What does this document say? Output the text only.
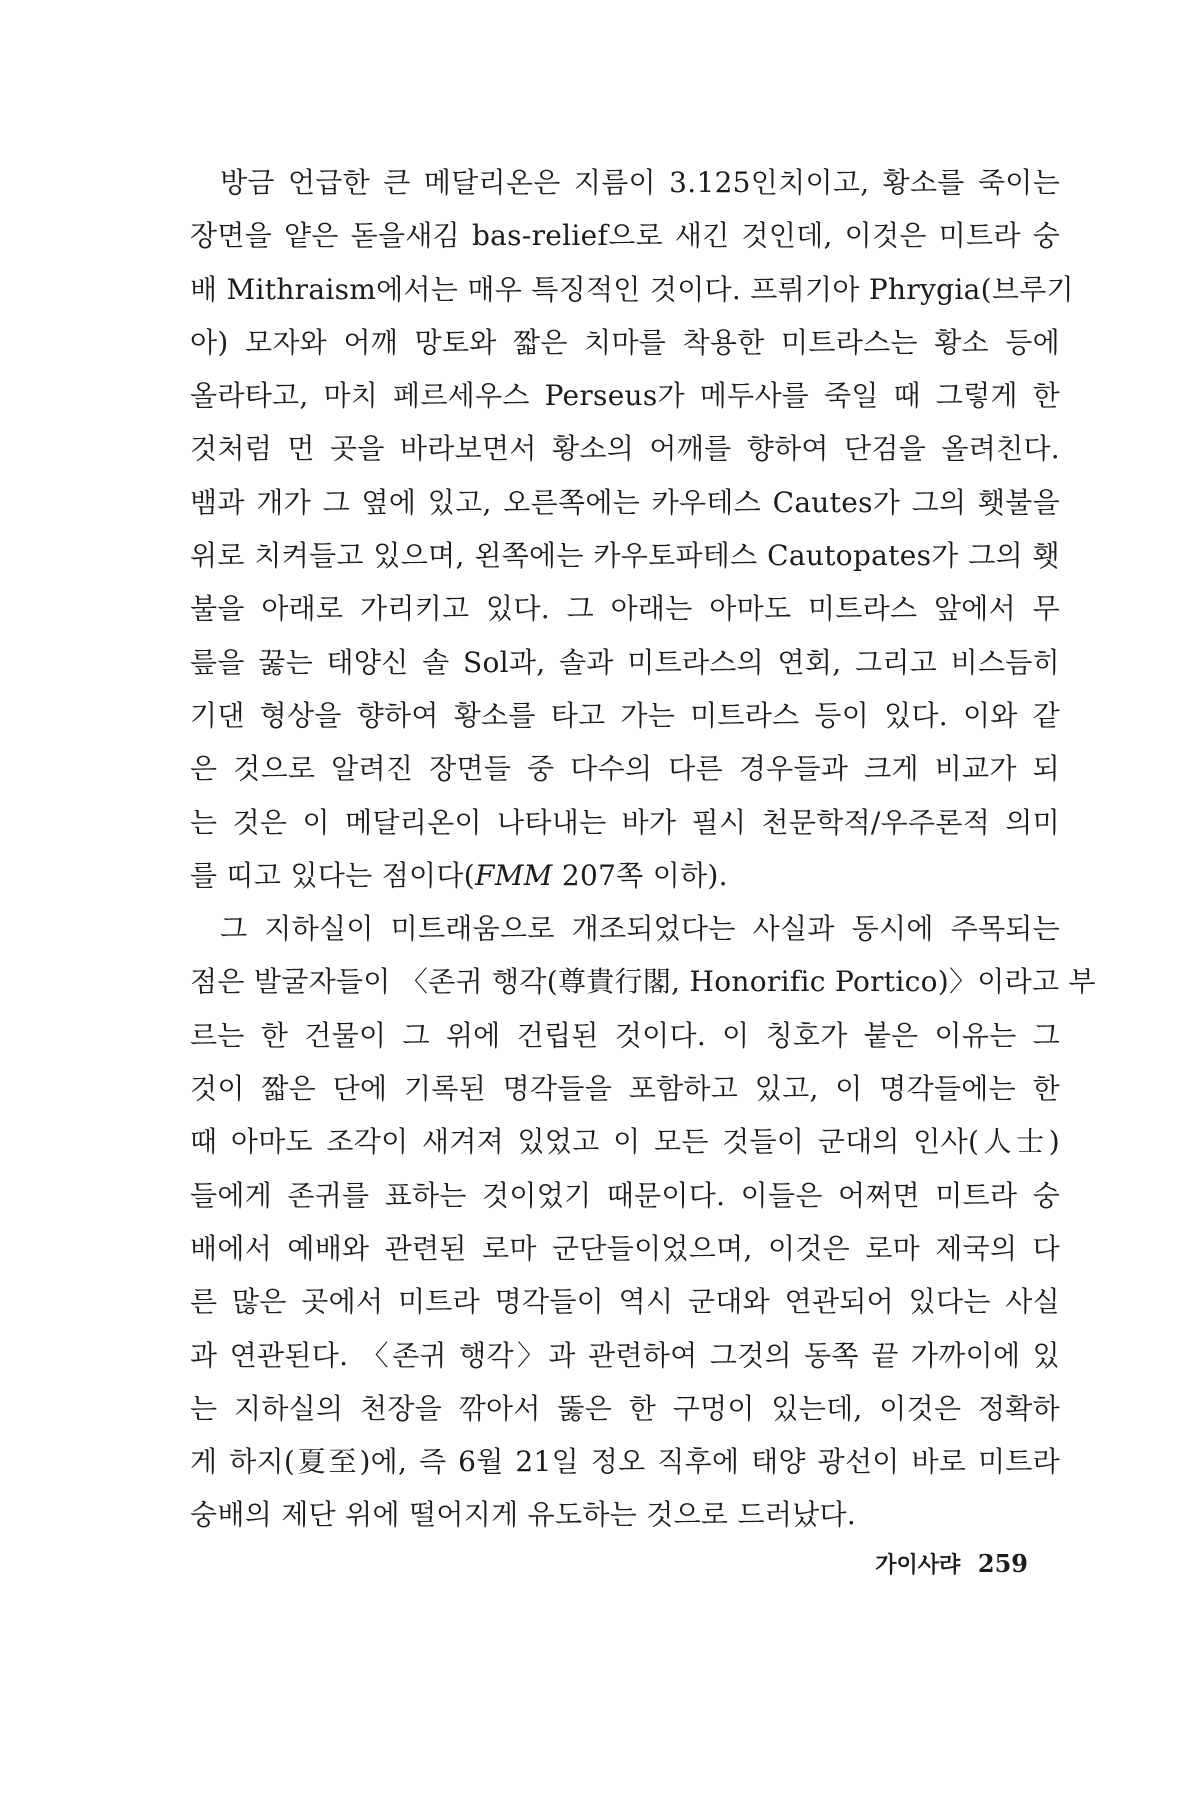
방금 언급한 큰 메달리온은 지름이 3.125인치이고, 황소를 죽이는
장면을 얕은 돋을새김 bas-relief으로 새긴 것인데, 이것은 미트라 숭
배 Mithraism에서는 매우 특징적인 것이다. 프뤼기아 Phrygia(브루기
아) 모자와 어깨 망토와 짧은 치마를 착용한 미트라스는 황소 등에
올라타고, 마치 페르세우스 Perseus가 메두사를 죽일 때 그렇게 한
것처럼 먼 곳을 바라보면서 황소의 어깨를 향하여 단검을 올려친다.
뱀과 개가 그 옆에 있고, 오른쪽에는 카우테스 Cautes가 그의 횃불을
위로 치켜들고 있으며, 왼쪽에는 카우토파테스 Cautopates가 그의 횃
불을 아래로 가리키고 있다. 그 아래는 아마도 미트라스 앞에서 무
릎을 꿇는 태양신 솔 Sol과, 솔과 미트라스의 연회, 그리고 비스듬히
기댄 형상을 향하여 황소를 타고 가는 미트라스 등이 있다. 이와 같
은 것으로 알려진 장면들 중 다수의 다른 경우들과 크게 비교가 되
는 것은 이 메달리온이 나타내는 바가 필시 천문학적/우주론적 의미
를 띠고 있다는 점이다(FMM 207쪽 이하).
그 지하실이 미트래움으로 개조되었다는 사실과 동시에 주목되는
점은 발굴자들이 〈존귀 행각(尊貴行閣, Honorific Portico)〉이라고 부
르는 한 건물이 그 위에 건립된 것이다. 이 칭호가 붙은 이유는 그
것이 짧은 단에 기록된 명각들을 포함하고 있고, 이 명각들에는 한
때 아마도 조각이 새겨져 있었고 이 모든 것들이 군대의 인사(人士)
들에게 존귀를 표하는 것이었기 때문이다. 이들은 어쩌면 미트라 숭
배에서 예배와 관련된 로마 군단들이었으며, 이것은 로마 제국의 다
른 많은 곳에서 미트라 명각들이 역시 군대와 연관되어 있다는 사실
과 연관된다. 〈존귀 행각〉과 관련하여 그것의 동쪽 끝 가까이에 있
는 지하실의 천장을 깎아서 뚫은 한 구멍이 있는데, 이것은 정확하
게 하지(夏至)에, 즉 6월 21일 정오 직후에 태양 광선이 바로 미트라
숭배의 제단 위에 떨어지게 유도하는 것으로 드러났다.
가이사랴 259
